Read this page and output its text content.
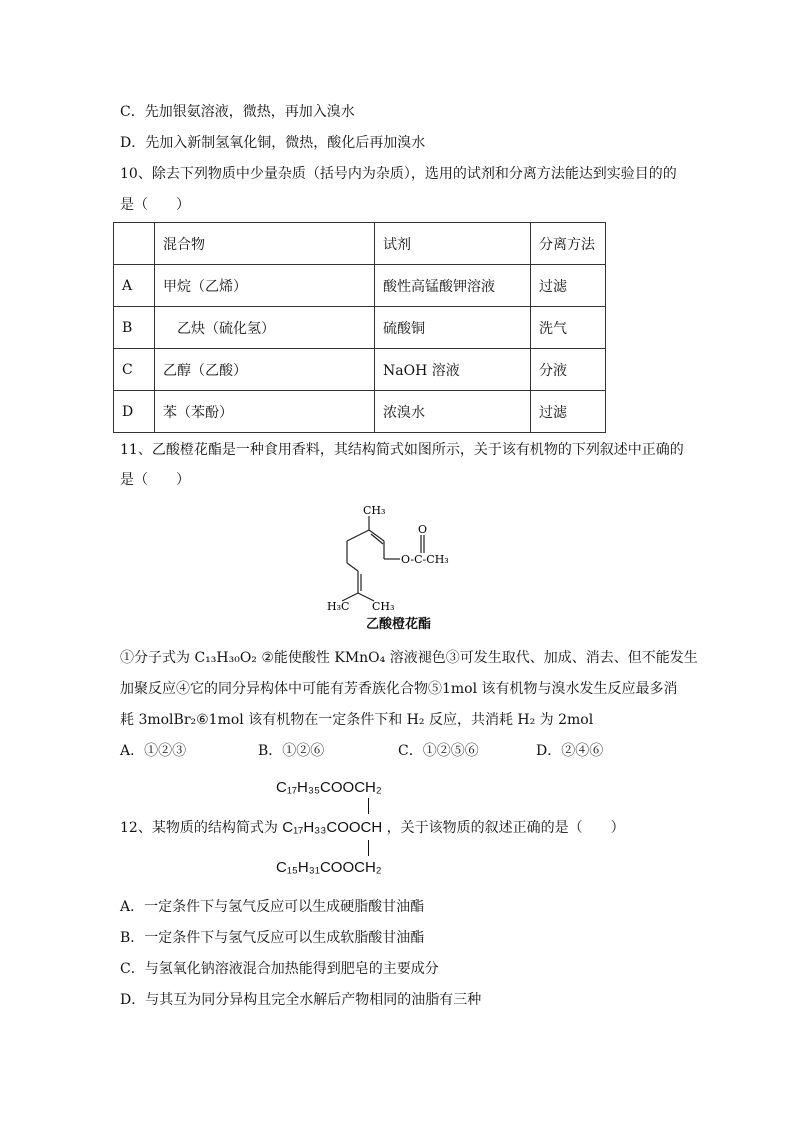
C．先加银氨溶液，微热，再加入溴水
D．先加入新制氢氧化铜，微热，酸化后再加溴水
10、除去下列物质中少量杂质（括号内为杂质），选用的试剂和分离方法能达到实验目的的
是（　　）
	混合物	试剂	分离方法
A	甲烷（乙烯）	酸性高锰酸钾溶液	过滤
B	　乙炔（硫化氢）	硫酸铜	洗气
C	乙醇（乙酸）	NaOH 溶液	分液
D	苯（苯酚）	浓溴水	过滤
11、乙酸橙花酯是一种食用香料，其结构简式如图所示，关于该有机物的下列叙述中正确的
是（　　）
CH₃
O
O-C-CH₃
H₃C CH₃
乙酸橙花酯
①分子式为 C₁₃H₃₀O₂ ②能使酸性 KMnO₄ 溶液褪色③可发生取代、加成、消去、但不能发生
加聚反应④它的同分异构体中可能有芳香族化合物⑤1mol 该有机物与溴水发生反应最多消
耗 3molBr₂⑥1mol 该有机物在一定条件下和 H₂ 反应，共消耗 H₂ 为 2mol
A．①②③	B．①②⑥	C．①②⑤⑥	D．②④⑥
C₁₇H₃₅COOCH₂
12、某物质的结构简式为 C₁₇H₃₃COOCH ，关于该物质的叙述正确的是（　　）
C₁₅H₃₁COOCH₂
A．一定条件下与氢气反应可以生成硬脂酸甘油酯
B．一定条件下与氢气反应可以生成软脂酸甘油酯
C．与氢氧化钠溶液混合加热能得到肥皂的主要成分
D．与其互为同分异构且完全水解后产物相同的油脂有三种
